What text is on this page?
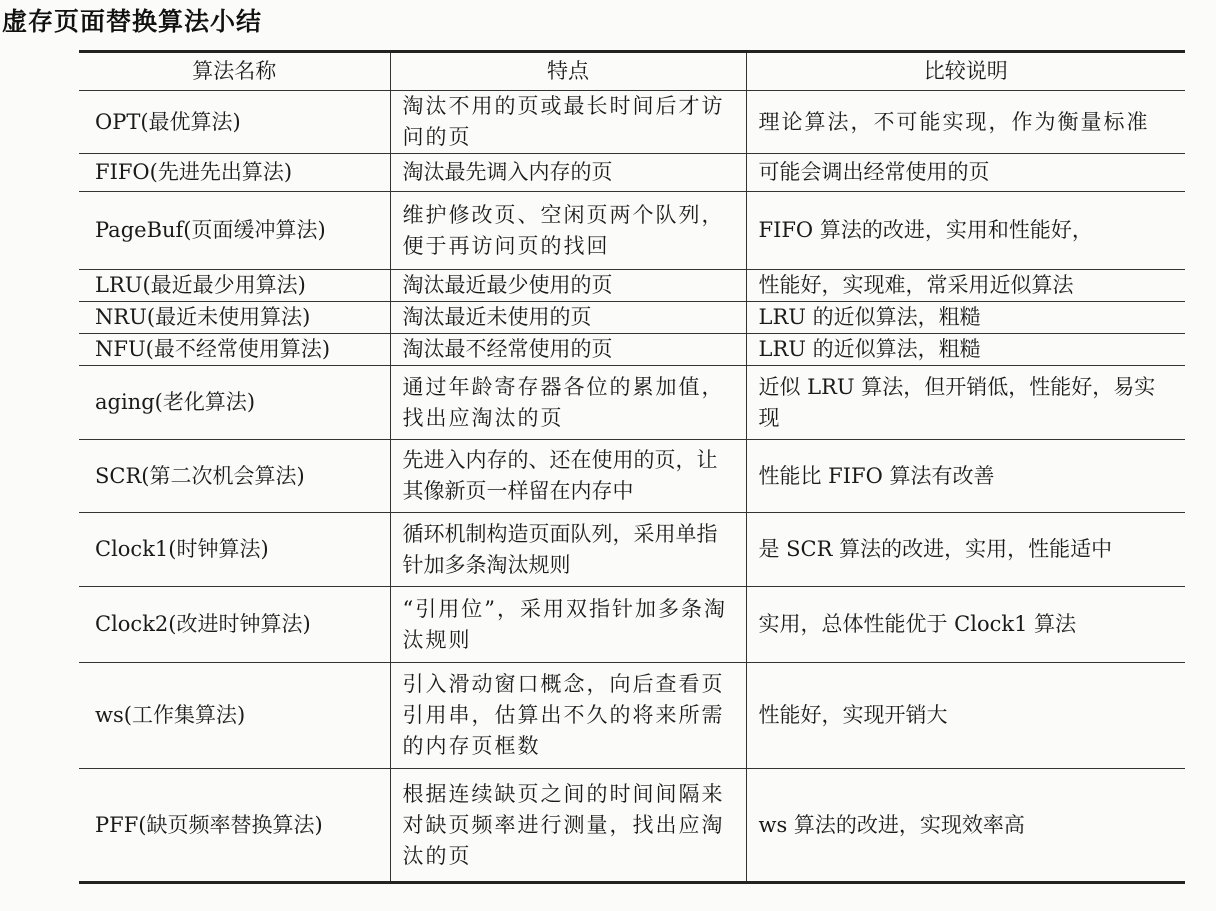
虚存页面替换算法小结
算法名称	特点	比较说明
OPT(最优算法)	淘汰不用的页或最长时间后才访问的页	理论算法，不可能实现，作为衡量标准
FIFO(先进先出算法)	淘汰最先调入内存的页	可能会调出经常使用的页
PageBuf(页面缓冲算法)	维护修改页、空闲页两个队列，便于再访问页的找回	FIFO 算法的改进，实用和性能好，
LRU(最近最少用算法)	淘汰最近最少使用的页	性能好，实现难，常采用近似算法
NRU(最近未使用算法)	淘汰最近未使用的页	LRU 的近似算法，粗糙
NFU(最不经常使用算法)	淘汰最不经常使用的页	LRU 的近似算法，粗糙
aging(老化算法)	通过年龄寄存器各位的累加值，找出应淘汰的页	近似 LRU 算法，但开销低，性能好，易实现
SCR(第二次机会算法)	先进入内存的、还在使用的页，让其像新页一样留在内存中	性能比 FIFO 算法有改善
Clock1(时钟算法)	循环机制构造页面队列，采用单指针加多条淘汰规则	是 SCR 算法的改进，实用，性能适中
Clock2(改进时钟算法)	“引用位”，采用双指针加多条淘汰规则	实用，总体性能优于 Clock1 算法
ws(工作集算法)	引入滑动窗口概念，向后查看页引用串，估算出不久的将来所需的内存页框数	性能好，实现开销大
PFF(缺页频率替换算法)	根据连续缺页之间的时间间隔来对缺页频率进行测量，找出应淘汰的页	ws 算法的改进，实现效率高
